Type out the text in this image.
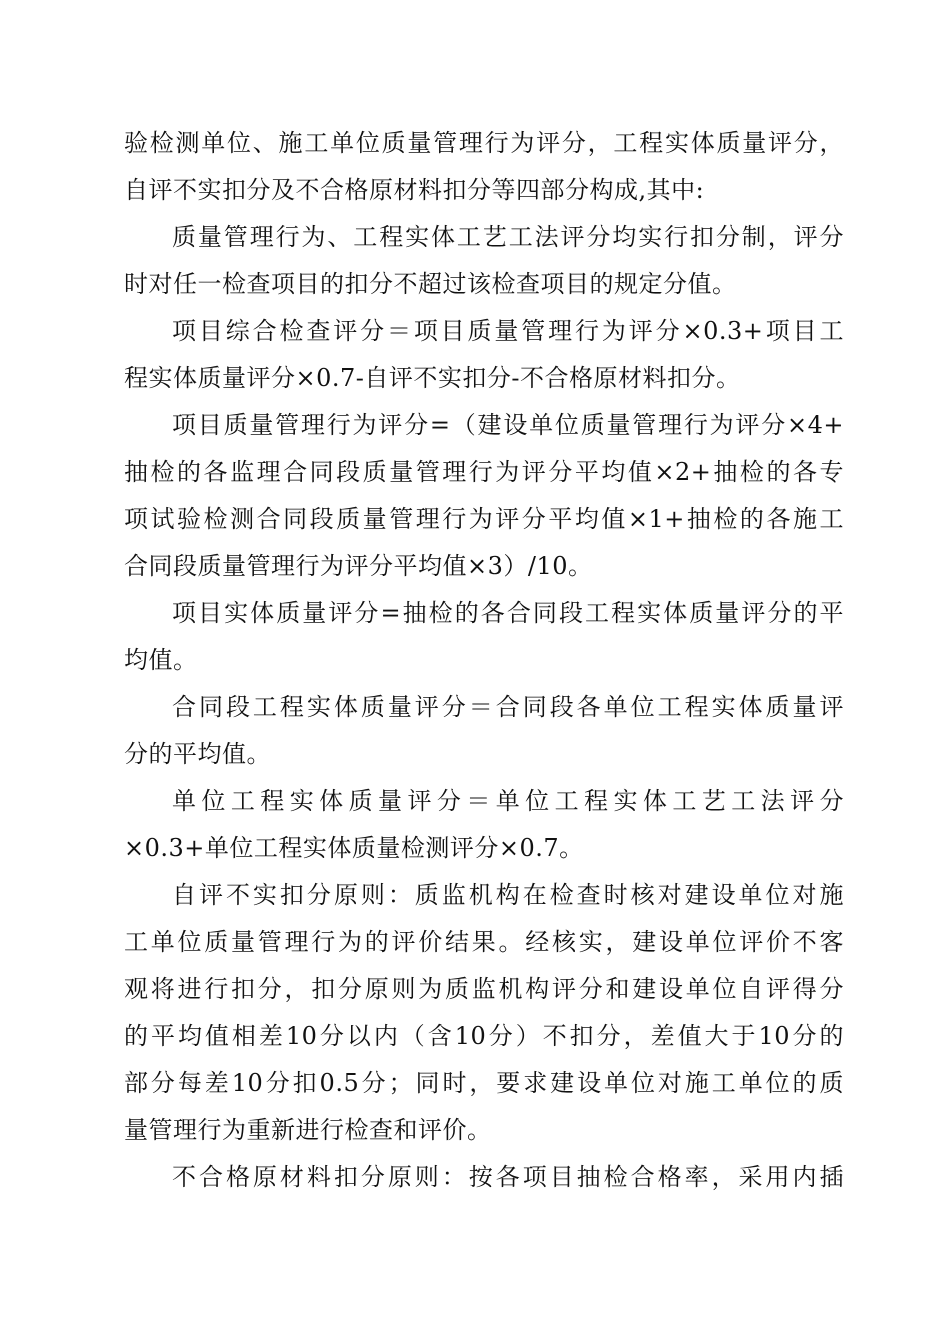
验检测单位、施工单位质量管理行为评分，工程实体质量评分，
自评不实扣分及不合格原材料扣分等四部分构成,其中:
质量管理行为、工程实体工艺工法评分均实行扣分制，评分
时对任一检查项目的扣分不超过该检查项目的规定分值。
项目综合检查评分＝项目质量管理行为评分×0.3+项目工
程实体质量评分×0.7-自评不实扣分-不合格原材料扣分。
项目质量管理行为评分=（建设单位质量管理行为评分×4+
抽检的各监理合同段质量管理行为评分平均值×2+抽检的各专
项试验检测合同段质量管理行为评分平均值×1+抽检的各施工
合同段质量管理行为评分平均值×3）/10。
项目实体质量评分=抽检的各合同段工程实体质量评分的平
均值。
合同段工程实体质量评分＝合同段各单位工程实体质量评
分的平均值。
单位工程实体质量评分＝单位工程实体工艺工法评分
×0.3+单位工程实体质量检测评分×0.7。
自评不实扣分原则：质监机构在检查时核对建设单位对施
工单位质量管理行为的评价结果。经核实，建设单位评价不客
观将进行扣分，扣分原则为质监机构评分和建设单位自评得分
的平均值相差10分以内（含10分）不扣分，差值大于10分的
部分每差10分扣0.5分；同时，要求建设单位对施工单位的质
量管理行为重新进行检查和评价。
不合格原材料扣分原则：按各项目抽检合格率，采用内插
